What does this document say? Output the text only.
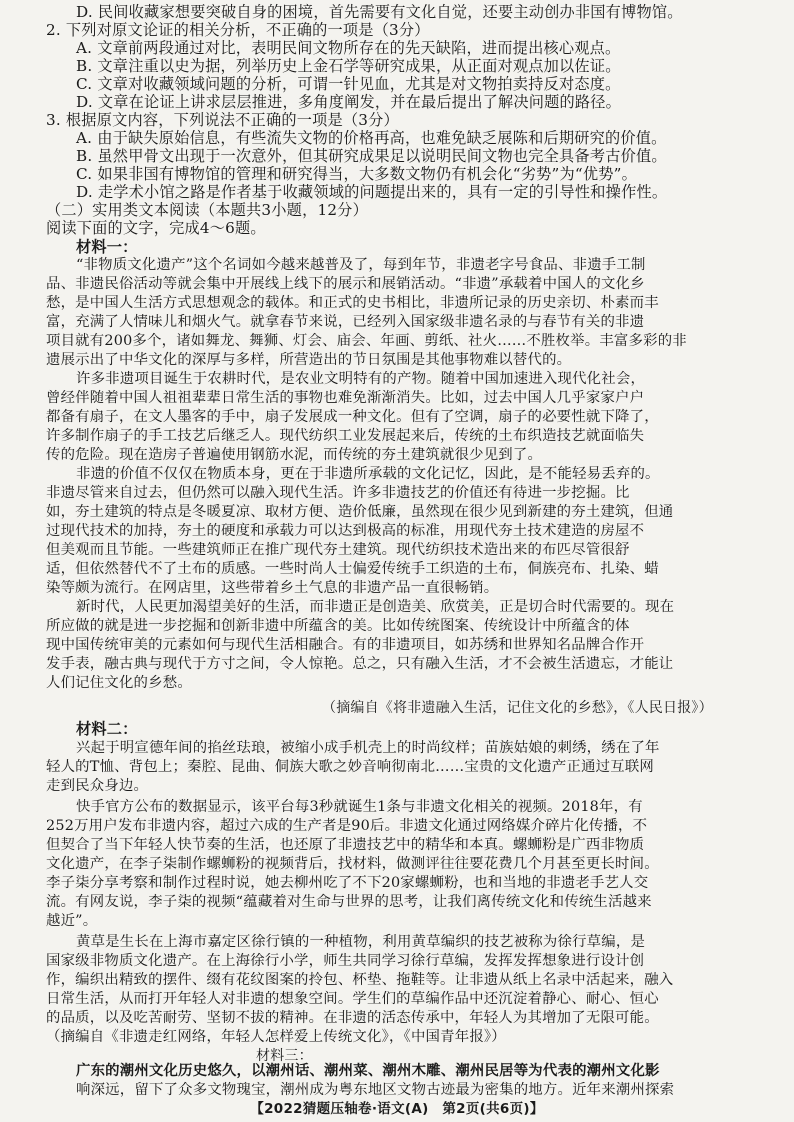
D. 民间收藏家想要突破自身的困境，首先需要有文化自觉，还要主动创办非国有博物馆。
2. 下列对原文论证的相关分析，不正确的一项是（3分）
A. 文章前两段通过对比，表明民间文物所存在的先天缺陷，进而提出核心观点。
B. 文章注重以史为据，列举历史上金石学等研究成果，从正面对观点加以佐证。
C. 文章对收藏领域问题的分析，可谓一针见血，尤其是对文物拍卖持反对态度。
D. 文章在论证上讲求层层推进，多角度阐发，并在最后提出了解决问题的路径。
3. 根据原文内容，下列说法不正确的一项是（3分）
A. 由于缺失原始信息，有些流失文物的价格再高，也难免缺乏展陈和后期研究的价值。
B. 虽然甲骨文出现于一次意外，但其研究成果足以说明民间文物也完全具备考古价值。
C. 如果非国有博物馆的管理和研究得当，大多数文物仍有机会化“劣势”为“优势”。
D. 走学术小馆之路是作者基于收藏领域的问题提出来的，具有一定的引导性和操作性。
（二）实用类文本阅读（本题共3小题，12分）
阅读下面的文字，完成4～6题。
材料一：
“非物质文化遗产”这个名词如今越来越普及了，每到年节，非遗老字号食品、非遗手工制
品、非遗民俗活动等就会集中开展线上线下的展示和展销活动。“非遗”承载着中国人的文化乡
愁，是中国人生活方式思想观念的载体。和正式的史书相比，非遗所记录的历史亲切、朴素而丰
富，充满了人情味儿和烟火气。就拿春节来说，已经列入国家级非遗名录的与春节有关的非遗
项目就有200多个，诸如舞龙、舞狮、灯会、庙会、年画、剪纸、社火……不胜枚举。丰富多彩的非
遗展示出了中华文化的深厚与多样，所营造出的节日氛围是其他事物难以替代的。
许多非遗项目诞生于农耕时代，是农业文明特有的产物。随着中国加速进入现代化社会，
曾经伴随着中国人祖祖辈辈日常生活的事物也难免渐渐消失。比如，过去中国人几乎家家户户
都备有扇子，在文人墨客的手中，扇子发展成一种文化。但有了空调，扇子的必要性就下降了，
许多制作扇子的手工技艺后继乏人。现代纺织工业发展起来后，传统的土布织造技艺就面临失
传的危险。现在造房子普遍使用钢筋水泥，而传统的夯土建筑就很少见到了。
非遗的价值不仅仅在物质本身，更在于非遗所承载的文化记忆，因此，是不能轻易丢弃的。
非遗尽管来自过去，但仍然可以融入现代生活。许多非遗技艺的价值还有待进一步挖掘。比
如，夯土建筑的特点是冬暖夏凉、取材方便、造价低廉，虽然现在很少见到新建的夯土建筑，但通
过现代技术的加持，夯土的硬度和承载力可以达到极高的标准，用现代夯土技术建造的房屋不
但美观而且节能。一些建筑师正在推广现代夯土建筑。现代纺织技术造出来的布匹尽管很舒
适，但依然替代不了土布的质感。一些时尚人士偏爱传统手工织造的土布，侗族亮布、扎染、蜡
染等颇为流行。在网店里，这些带着乡土气息的非遗产品一直很畅销。
新时代，人民更加渴望美好的生活，而非遗正是创造美、欣赏美，正是切合时代需要的。现在
所应做的就是进一步挖掘和创新非遗中所蕴含的美。比如传统图案、传统设计中所蕴含的体
现中国传统审美的元素如何与现代生活相融合。有的非遗项目，如苏绣和世界知名品牌合作开
发手表，融古典与现代于方寸之间，令人惊艳。总之，只有融入生活，才不会被生活遗忘，才能让
人们记住文化的乡愁。
（摘编自《将非遗融入生活，记住文化的乡愁》，《人民日报》）
材料二：
兴起于明宣德年间的掐丝珐琅，被缩小成手机壳上的时尚纹样；苗族姑娘的刺绣，绣在了年
轻人的T恤、背包上；秦腔、昆曲、侗族大歌之妙音响彻南北……宝贵的文化遗产正通过互联网
走到民众身边。
快手官方公布的数据显示，该平台每3秒就诞生1条与非遗文化相关的视频。2018年，有
252万用户发布非遗内容，超过六成的生产者是90后。非遗文化通过网络媒介碎片化传播，不
但契合了当下年轻人快节奏的生活，也还原了非遗技艺中的精华和本真。螺蛳粉是广西非物质
文化遗产，在李子柒制作螺蛳粉的视频背后，找材料，做测评往往要花费几个月甚至更长时间。
李子柒分享考察和制作过程时说，她去柳州吃了不下20家螺蛳粉，也和当地的非遗老手艺人交
流。有网友说，李子柒的视频“蕴藏着对生命与世界的思考，让我们离传统文化和传统生活越来
越近”。
黄草是生长在上海市嘉定区徐行镇的一种植物，利用黄草编织的技艺被称为徐行草编，是
国家级非物质文化遗产。在上海徐行小学，师生共同学习徐行草编，发挥发挥想象进行设计创
作，编织出精致的摆件、缀有花纹图案的拎包、杯垫、拖鞋等。让非遗从纸上名录中活起来，融入
日常生活，从而打开年轻人对非遗的想象空间。学生们的草编作品中还沉淀着静心、耐心、恒心
的品质，以及吃苦耐劳、坚韧不拔的精神。在非遗的活态传承中，年轻人为其增加了无限可能。
（摘编自《非遗走红网络，年轻人怎样爱上传统文化》，《中国青年报》）
材料三：
【2022猜题压轴卷·语文(A)　第2页(共6页)】
广东的潮州文化历史悠久，以潮州话、潮州菜、潮州木雕、潮州民居等为代表的潮州文化影
响深远，留下了众多文物瑰宝，潮州成为粤东地区文物古迹最为密集的地方。近年来潮州探索
